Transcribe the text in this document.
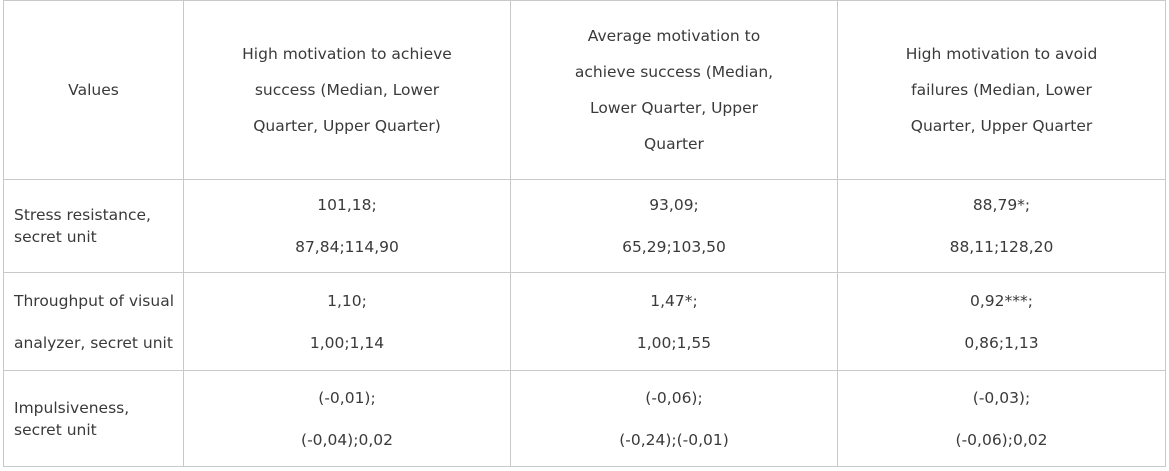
Values	High motivation to achieve
success (Median, Lower
Quarter, Upper Quarter)	Average motivation to
achieve success (Median,
Lower Quarter, Upper
Quarter	High motivation to avoid
failures (Median, Lower
Quarter, Upper Quarter

Stress resistance,
secret unit	101,18;
87,84;114,90	93,09;
65,29;103,50	88,79*;
88,11;128,20

Throughput of visual
analyzer, secret unit	1,10;
1,00;1,14	1,47*;
1,00;1,55	0,92***;
0,86;1,13

Impulsiveness,
secret unit	(-0,01);
(-0,04);0,02	(-0,06);
(-0,24);(-0,01)	(-0,03);
(-0,06);0,02
